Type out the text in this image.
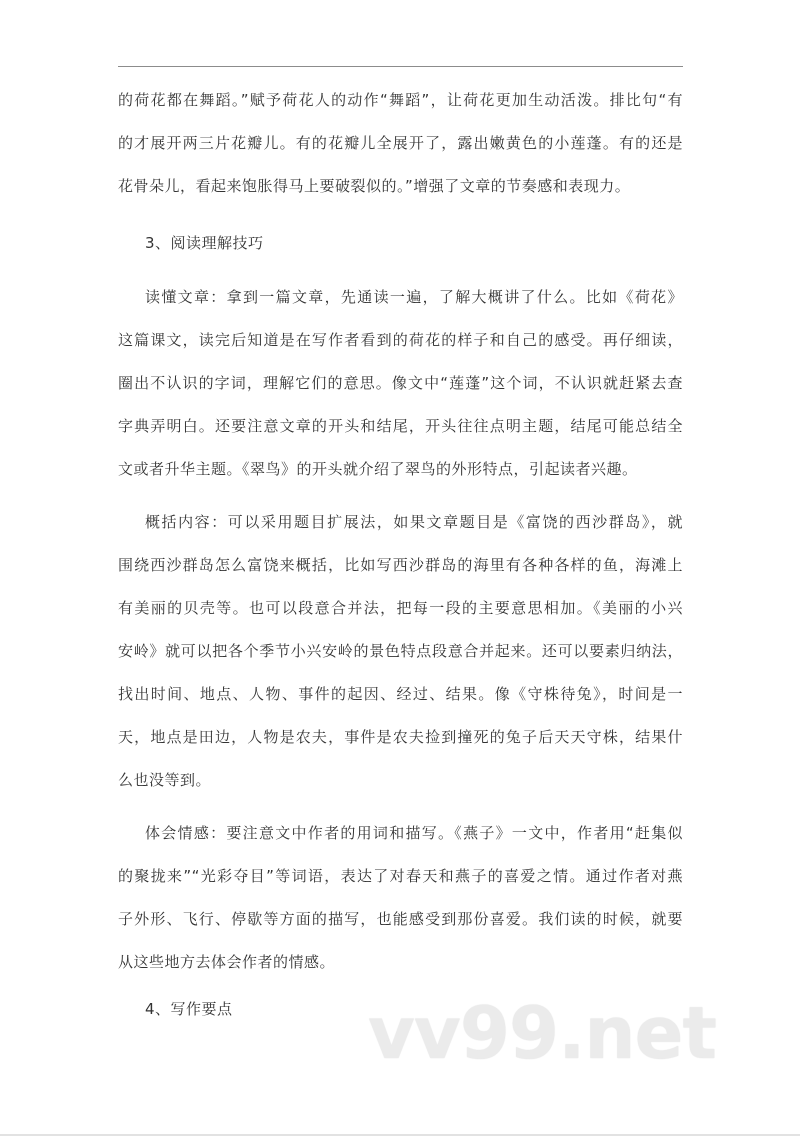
的荷花都在舞蹈。”赋予荷花人的动作“舞蹈”，让荷花更加生动活泼。排比句“有
的才展开两三片花瓣儿。有的花瓣儿全展开了，露出嫩黄色的小莲蓬。有的还是
花骨朵儿，看起来饱胀得马上要破裂似的。”增强了文章的节奏感和表现力。
3、阅读理解技巧
读懂文章：拿到一篇文章，先通读一遍，了解大概讲了什么。比如《荷花》
这篇课文，读完后知道是在写作者看到的荷花的样子和自己的感受。再仔细读，
圈出不认识的字词，理解它们的意思。像文中“莲蓬”这个词，不认识就赶紧去查
字典弄明白。还要注意文章的开头和结尾，开头往往点明主题，结尾可能总结全
文或者升华主题。《翠鸟》的开头就介绍了翠鸟的外形特点，引起读者兴趣。
概括内容：可以采用题目扩展法，如果文章题目是《富饶的西沙群岛》，就
围绕西沙群岛怎么富饶来概括，比如写西沙群岛的海里有各种各样的鱼，海滩上
有美丽的贝壳等。也可以段意合并法，把每一段的主要意思相加。《美丽的小兴
安岭》就可以把各个季节小兴安岭的景色特点段意合并起来。还可以要素归纳法，
找出时间、地点、人物、事件的起因、经过、结果。像《守株待兔》，时间是一
天，地点是田边，人物是农夫，事件是农夫捡到撞死的兔子后天天守株，结果什
么也没等到。
体会情感：要注意文中作者的用词和描写。《燕子》一文中，作者用“赶集似
的聚拢来”“光彩夺目”等词语，表达了对春天和燕子的喜爱之情。通过作者对燕
子外形、飞行、停歇等方面的描写，也能感受到那份喜爱。我们读的时候，就要
从这些地方去体会作者的情感。
4、写作要点	vv99.net
